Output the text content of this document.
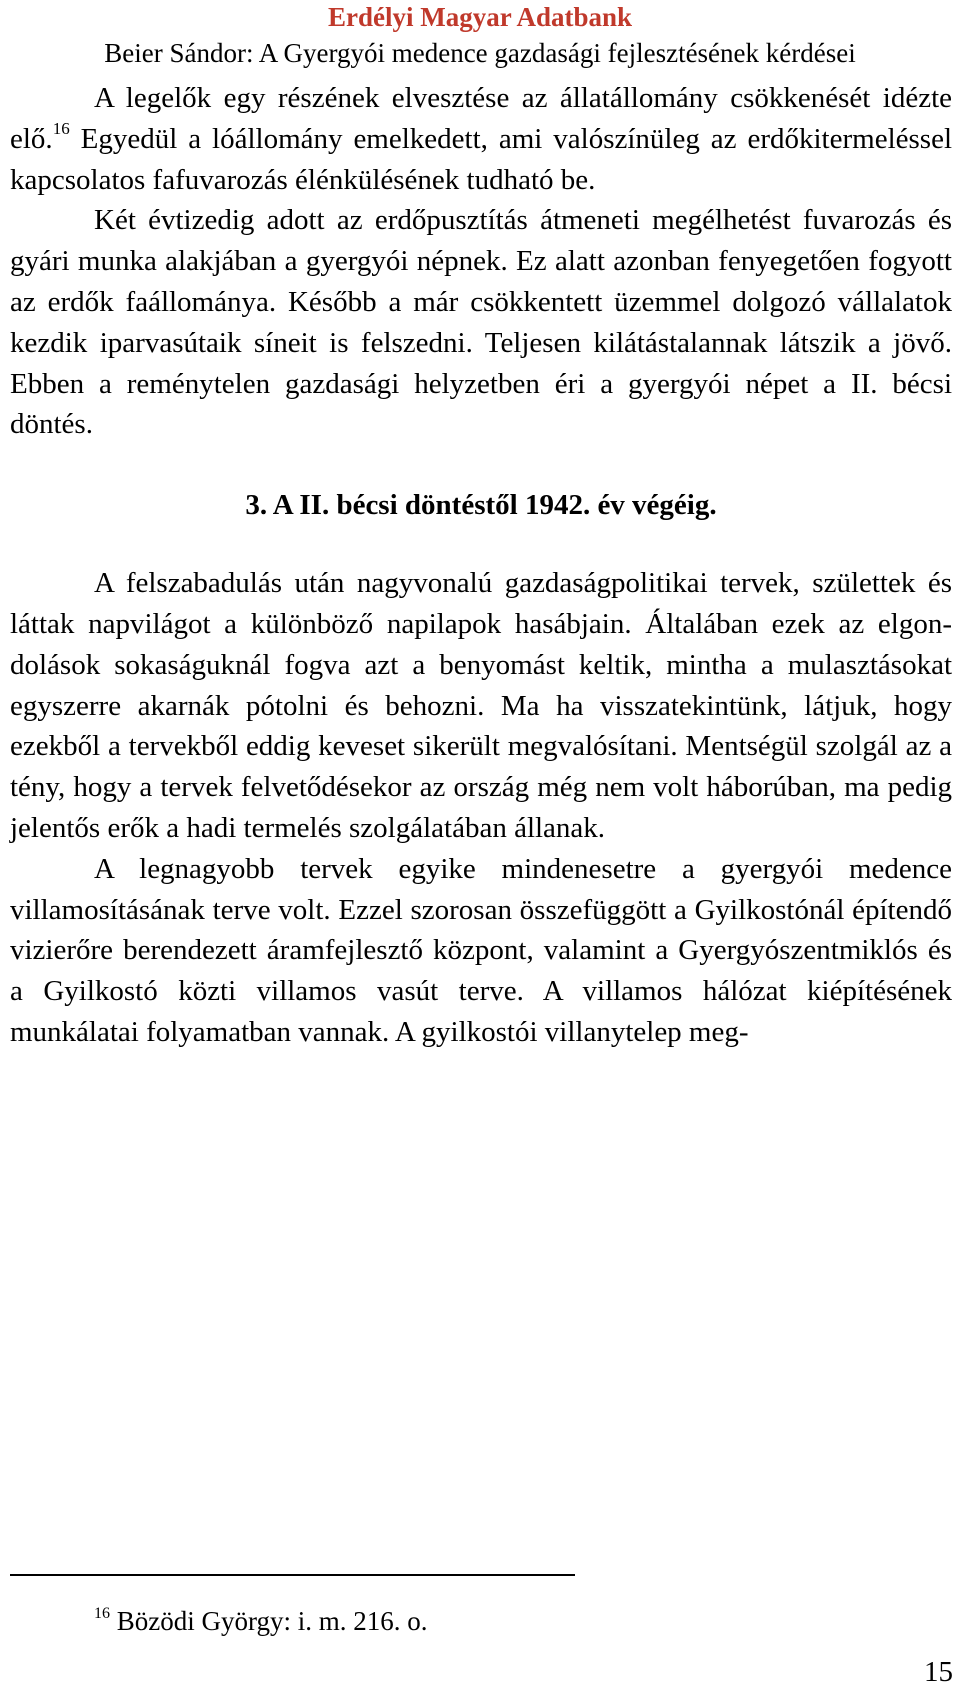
Erdélyi Magyar Adatbank
Beier Sándor: A Gyergyói medence gazdasági fejlesztésének kérdései

A legelők egy részének elvesztése az állatállomány csökkenését idézte elő.$^{16}$ Egyedül a lóállomány emelkedett, ami valószínüleg az erdőkitermeléssel kapcsolatos fafuvarozás élénkülésének tudható be.

Két évtizedig adott az erdőpusztítás átmeneti megélhetést fuvarozás és gyári munka alakjában a gyergyói népnek. Ez alatt azonban fenyegetően fogyott az erdők faállománya. Később a már csökkentett üzemmel dolgozó vállalatok kezdik iparvasútaik síneit is felszedni. Teljesen kilátástalannak látszik a jövő. Ebben a reménytelen gazdasági helyzetben éri a gyergyói népet a II. bécsi döntés.

3. A II. bécsi döntéstől 1942. év végéig.

A felszabadulás után nagyvonalú gazdaságpolitikai tervek, születtek és láttak napvilágot a különböző napilapok hasábjain. Általában ezek az elgondolások sokaságuknál fogva azt a benyomást keltik, mintha a mulasztásokat egyszerre akarnák pótolni és behozni. Ma ha visszatekintünk, látjuk, hogy ezekből a tervekből eddig keveset sikerült megvalósítani. Mentségül szolgál az a tény, hogy a tervek felvetődésekor az ország még nem volt háborúban, ma pedig jelentős erők a hadi termelés szolgálatában állanak.

A legnagyobb tervek egyike mindenesetre a gyergyói medence villamosításának terve volt. Ezzel szorosan összefüggött a Gyilkostónál építendő vizierőre berendezett áramfejlesztő központ, valamint a Gyergyószentmiklós és a Gyilkostó közti villamos vasút terve. A villamos hálózat kiépítésének munkálatai folyamatban vannak. A gyilkostói villanytelep meg-

$^{16}$ Bözödi György: i. m. 216. o.

15
